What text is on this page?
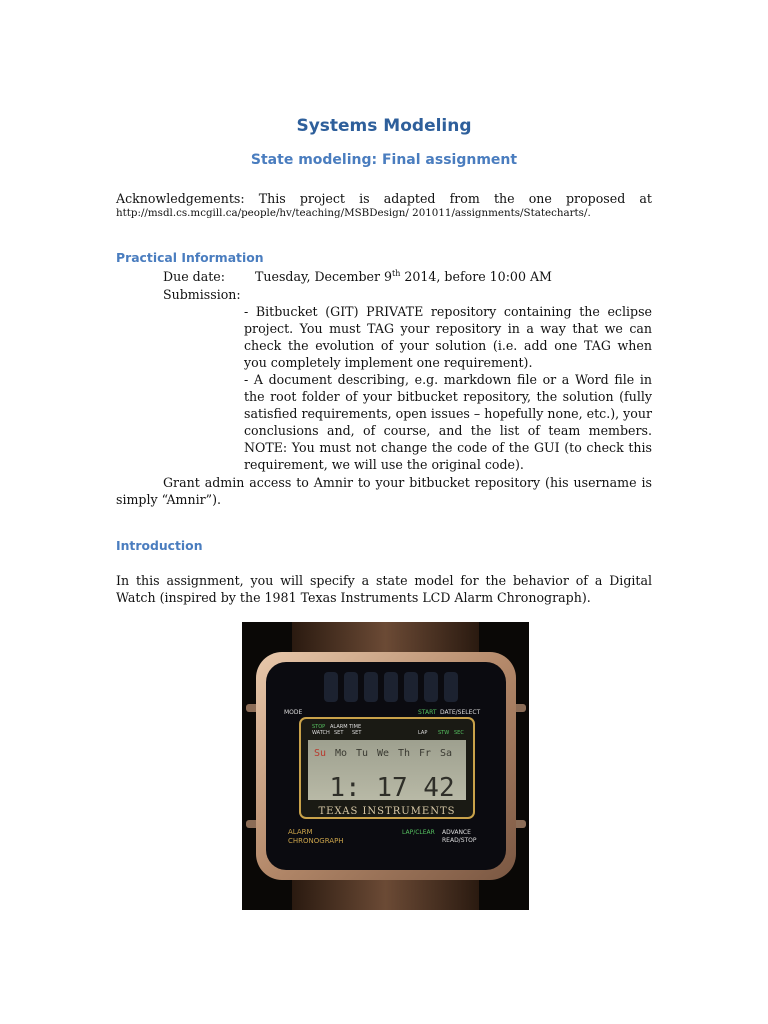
Systems Modeling
State modeling: Final assignment
Acknowledgements: This project is adapted from the one proposed at
http://msdl.cs.mcgill.ca/people/hv/teaching/MSBDesign/ 201011/assignments/Statecharts/.
Practical Information
Due date: Tuesday, December 9th 2014, before 10:00 AM
Submission:
- Bitbucket (GIT) PRIVATE repository containing the eclipse project. You must TAG your repository in a way that we can check the evolution of your solution (i.e. add one TAG when you completely implement one requirement).
- A document describing, e.g. markdown file or a Word file in the root folder of your bitbucket repository, the solution (fully satisfied requirements, open issues – hopefully none, etc.), your conclusions and, of course, and the list of team members. NOTE: You must not change the code of the GUI (to check this requirement, we will use the original code).
Grant admin access to Amnir to your bitbucket repository (his username is simply “Amnir”).
Introduction
In this assignment, you will specify a state model for the behavior of a Digital Watch (inspired by the 1981 Texas Instruments LCD Alarm Chronograph).
MODE	START DATE/SELECT
STOP ALARM TIME
WATCH SET SET	LAP STW SEC
Su Mo Tu We Th Fr Sa
1: 17 42
TEXAS INSTRUMENTS
ALARM
CHRONOGRAPH
LAP/CLEAR ADVANCE
READ/STOP
